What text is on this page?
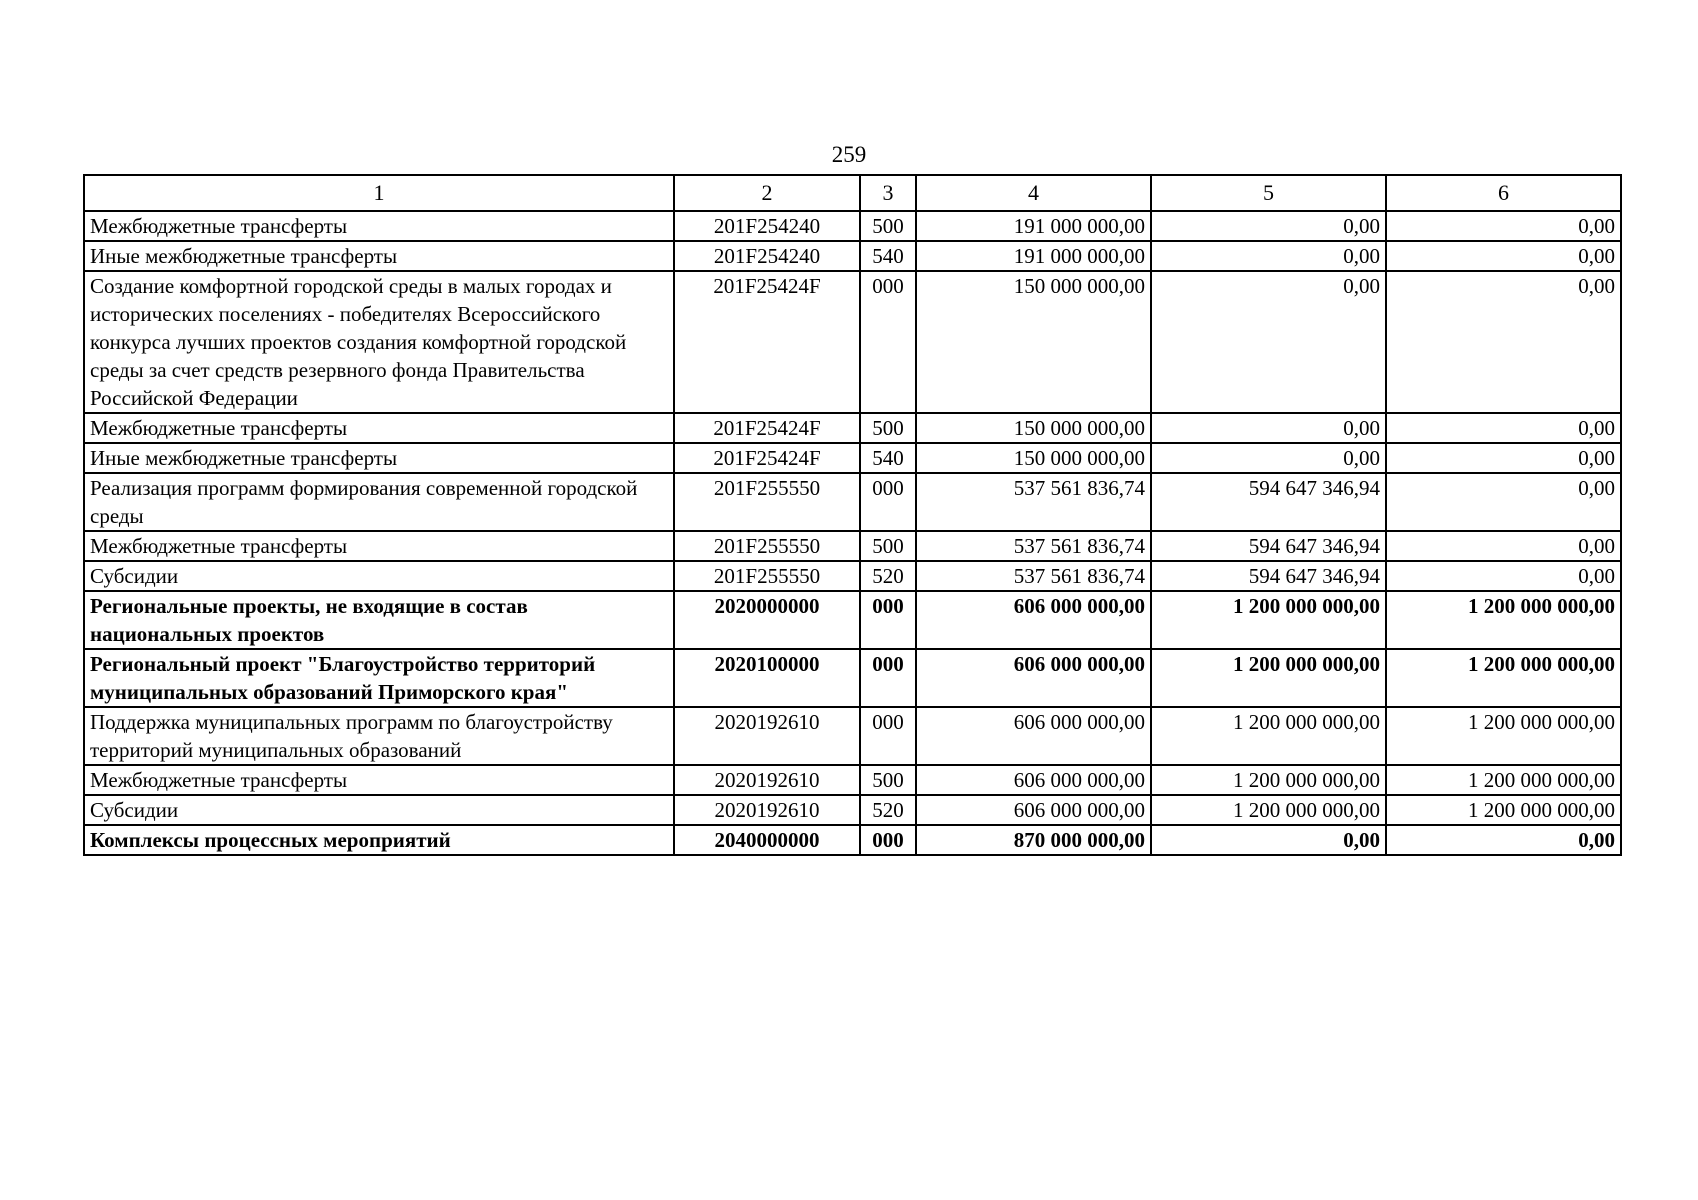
259
1	2	3	4	5	6
Межбюджетные трансферты	201F254240	500	191 000 000,00	0,00	0,00
Иные межбюджетные трансферты	201F254240	540	191 000 000,00	0,00	0,00
Создание комфортной городской среды в малых городах и исторических поселениях - победителях Всероссийского конкурса лучших проектов создания комфортной городской среды за счет средств резервного фонда Правительства Российской Федерации	201F25424F	000	150 000 000,00	0,00	0,00
Межбюджетные трансферты	201F25424F	500	150 000 000,00	0,00	0,00
Иные межбюджетные трансферты	201F25424F	540	150 000 000,00	0,00	0,00
Реализация программ формирования современной городской среды	201F255550	000	537 561 836,74	594 647 346,94	0,00
Межбюджетные трансферты	201F255550	500	537 561 836,74	594 647 346,94	0,00
Субсидии	201F255550	520	537 561 836,74	594 647 346,94	0,00
Региональные проекты, не входящие в состав национальных проектов	2020000000	000	606 000 000,00	1 200 000 000,00	1 200 000 000,00
Региональный проект "Благоустройство территорий муниципальных образований Приморского края"	2020100000	000	606 000 000,00	1 200 000 000,00	1 200 000 000,00
Поддержка муниципальных программ по благоустройству территорий муниципальных образований	2020192610	000	606 000 000,00	1 200 000 000,00	1 200 000 000,00
Межбюджетные трансферты	2020192610	500	606 000 000,00	1 200 000 000,00	1 200 000 000,00
Субсидии	2020192610	520	606 000 000,00	1 200 000 000,00	1 200 000 000,00
Комплексы процессных мероприятий	2040000000	000	870 000 000,00	0,00	0,00
